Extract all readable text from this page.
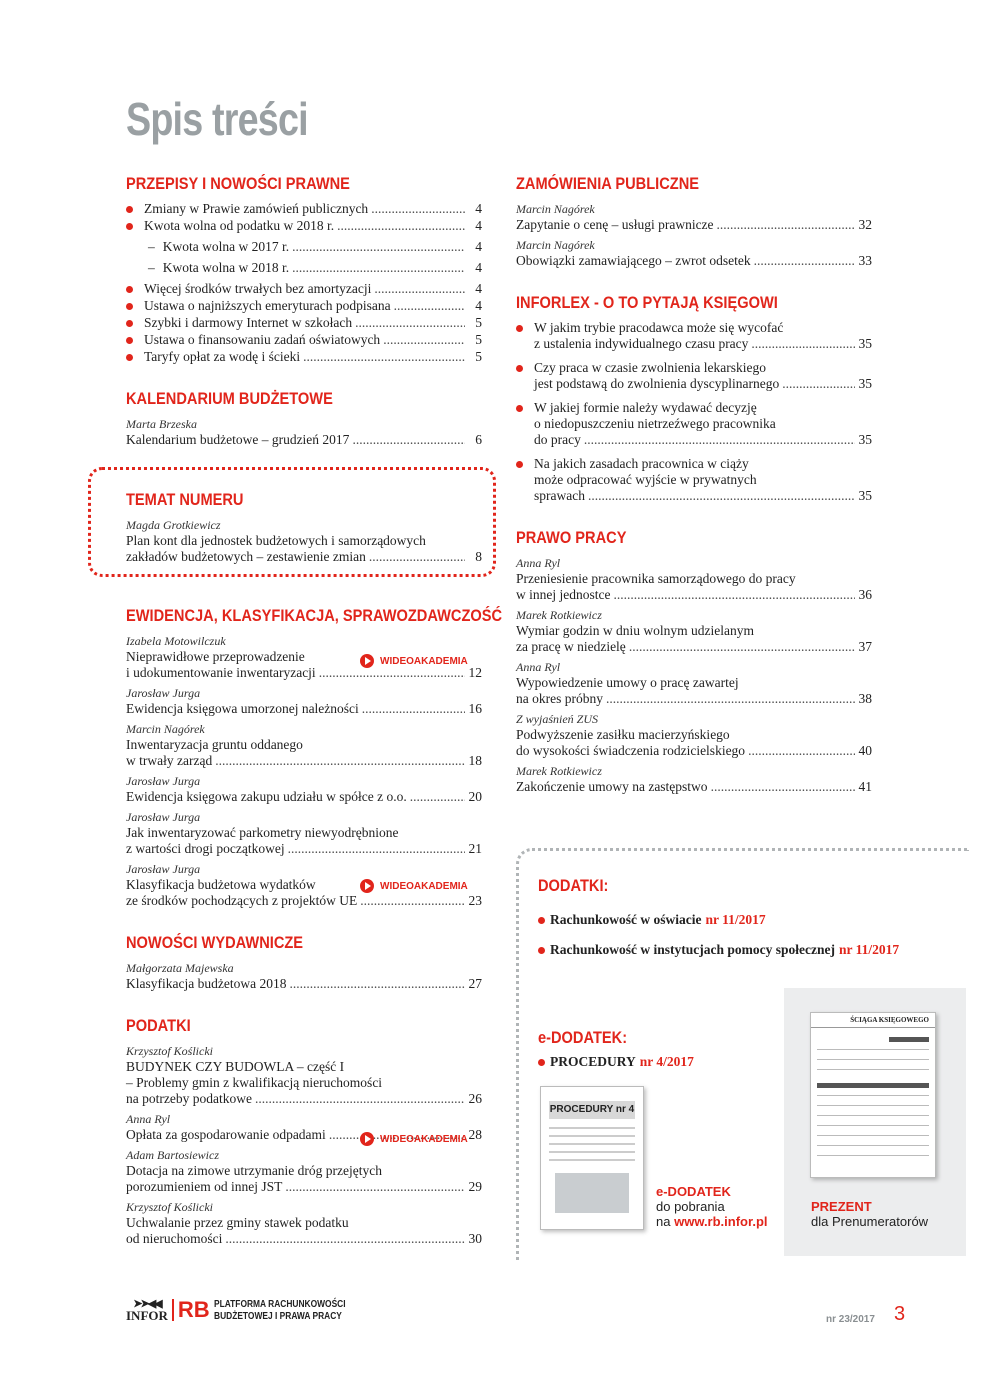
Spis treści
TEMAT NUMERU
Magda Grotkiewicz
Plan kont dla jednostek budżetowych i samorządowych
zakładów budżetowych – zestawienie zmian .....	8
PRZEPISY I NOWOŚCI PRAWNE
Zmiany w Prawie zamówień publicznych .....	4
Kwota wolna od podatku w 2018 r. .....	4
– Kwota wolna w 2017 r. .....	4
– Kwota wolna w 2018 r. .....	4
Więcej środków trwałych bez amortyzacji .....	4
Ustawa o najniższych emeryturach podpisana .....	4
Szybki i darmowy Internet w szkołach .....	5
Ustawa o finansowaniu zadań oświatowych .....	5
Taryfy opłat za wodę i ścieki .....	5
KALENDARIUM BUDŻETOWE
Marta Brzeska
Kalendarium budżetowe – grudzień 2017 .....	6
EWIDENCJA, KLASYFIKACJA, SPRAWOZDAWCZOŚĆ
Izabela Motowilczuk
Nieprawidłowe przeprowadzenie
i udokumentowanie inwentaryzacji .....	12
Jarosław Jurga
Ewidencja księgowa umorzonej należności .....	16
Marcin Nagórek
Inwentaryzacja gruntu oddanego
w trwały zarząd .....	18
Jarosław Jurga
Ewidencja księgowa zakupu udziału w spółce z o.o. .....	20
Jarosław Jurga
Jak inwentaryzować parkometry niewyodrębnione
z wartości drogi początkowej .....	21
Jarosław Jurga
Klasyfikacja budżetowa wydatków
ze środków pochodzących z projektów UE .....	23
NOWOŚCI WYDAWNICZE
Małgorzata Majewska
Klasyfikacja budżetowa 2018 .....	27
PODATKI
Krzysztof Koślicki
BUDYNEK CZY BUDOWLA – część I
– Problemy gmin z kwalifikacją nieruchomości
na potrzeby podatkowe .....	26
Anna Ryl
Opłata za gospodarowanie odpadami .....	28
Adam Bartosiewicz
Dotacja na zimowe utrzymanie dróg przejętych
porozumieniem od innej JST .....	29
Krzysztof Koślicki
Uchwalanie przez gminy stawek podatku
od nieruchomości .....	30
ZAMÓWIENIA PUBLICZNE
Marcin Nagórek
Zapytanie o cenę – usługi prawnicze .....	32
Marcin Nagórek
Obowiązki zamawiającego – zwrot odsetek .....	33
INFORLEX - O TO PYTAJĄ KSIĘGOWI
W jakim trybie pracodawca może się wycofać
z ustalenia indywidualnego czasu pracy .....	35
Czy praca w czasie zwolnienia lekarskiego
jest podstawą do zwolnienia dyscyplinarnego .....	35
W jakiej formie należy wydawać decyzję
o niedopuszczeniu nietrzeźwego pracownika
do pracy .....	35
Na jakich zasadach pracownica w ciąży
może odpracować wyjście w prywatnych
sprawach .....	35
PRAWO PRACY
Anna Ryl
Przeniesienie pracownika samorządowego do pracy
w innej jednostce .....	36
Marek Rotkiewicz
Wymiar godzin w dniu wolnym udzielanym
za pracę w niedzielę .....	37
Anna Ryl
Wypowiedzenie umowy o pracę zawartej
na okres próbny .....	38
Z wyjaśnień ZUS
Podwyższenie zasiłku macierzyńskiego
do wysokości świadczenia rodzicielskiego .....	40
Marek Rotkiewicz
Zakończenie umowy na zastępstwo .....	41
WIDEOAKADEMIA
WIDEOAKADEMIA
WIDEOAKADEMIA
DODATKI:
Rachunkowość w oświacie nr 11/2017
Rachunkowość w instytucjach pomocy społecznej nr 11/2017
e-DODATEK:
PROCEDURY nr 4/2017
PROCEDURY nr 4
ŚCIĄGA KSIĘGOWEGO
e-DODATEK
do pobrania
na www.rb.infor.pl
PREZENT
dla Prenumeratorów
➤➤◀◀
INFOR RB PLATFORMA RACHUNKOWOŚCI
BUDŻETOWEJ I PRAWA PRACY	nr 23/2017 3
